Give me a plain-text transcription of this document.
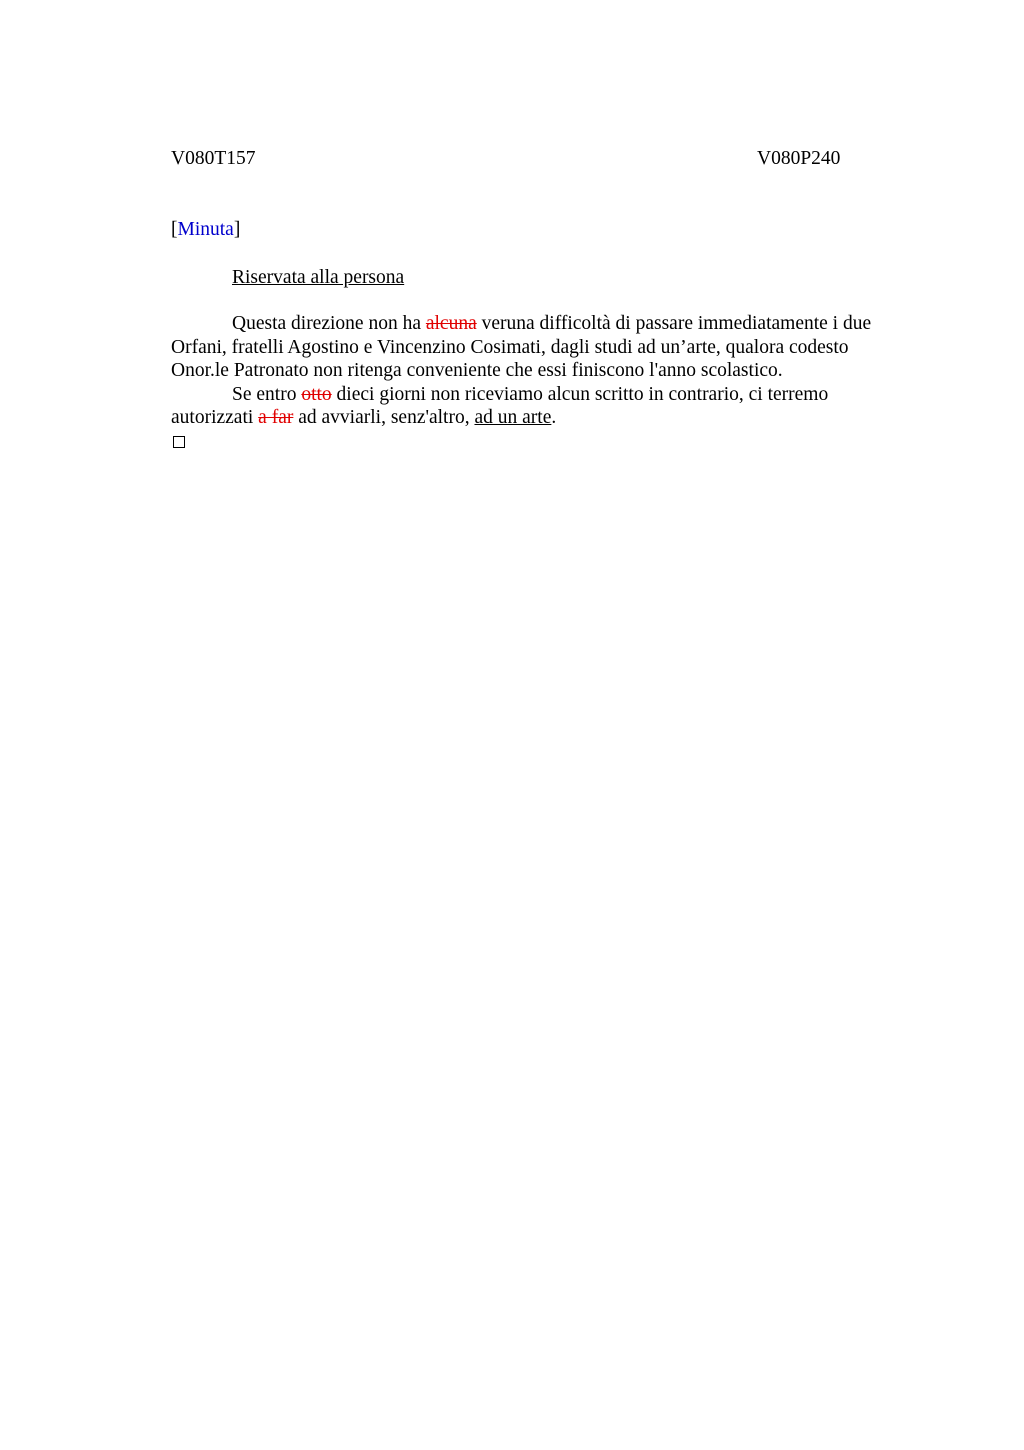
V080T157	V080P240
[Minuta]
Riservata alla persona
Questa direzione non ha alcuna veruna difficoltà di passare immediatamente i due
Orfani, fratelli Agostino e Vincenzino Cosimati, dagli studi ad un’arte, qualora codesto
Onor.le Patronato non ritenga conveniente che essi finiscono l'anno scolastico.
Se entro otto dieci giorni non riceviamo alcun scritto in contrario, ci terremo
autorizzati a far ad avviarli, senz'altro, ad un arte.
